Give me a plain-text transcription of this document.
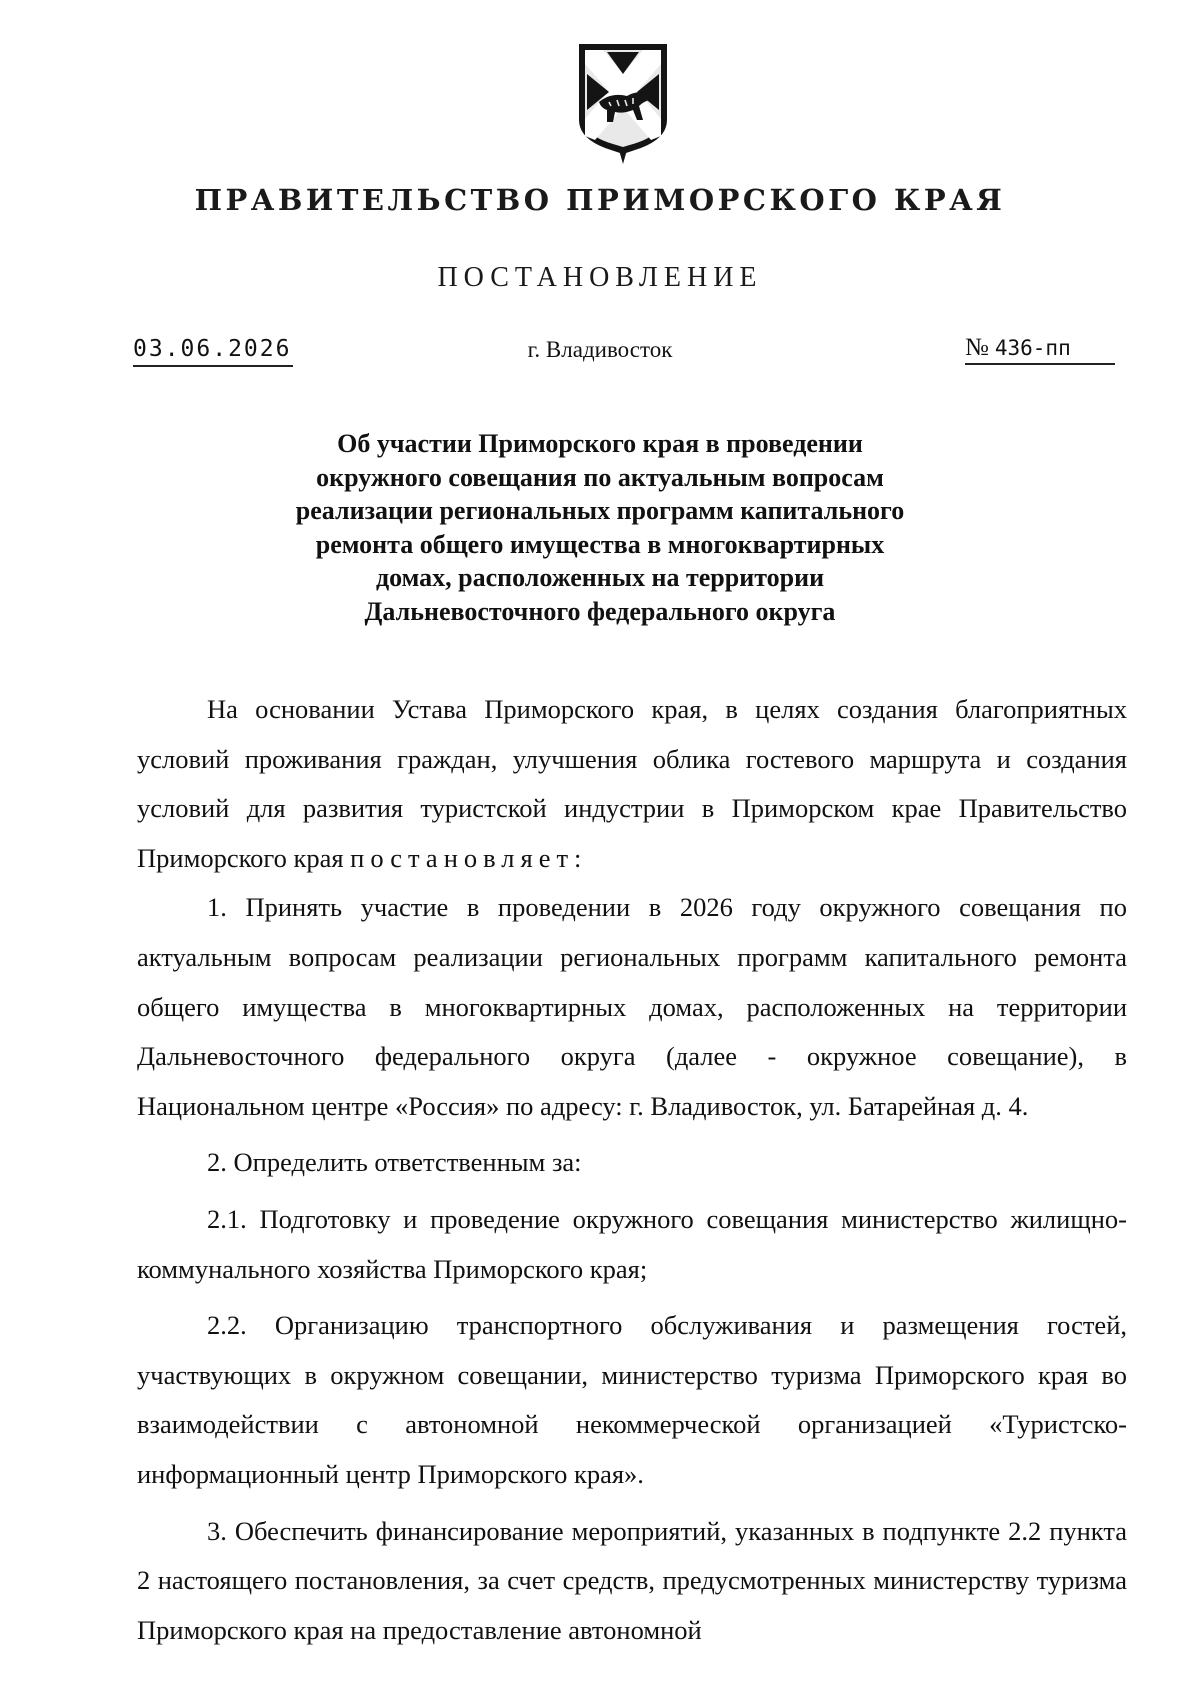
ПРАВИТЕЛЬСТВО ПРИМОРСКОГО КРАЯ
ПОСТАНОВЛЕНИЕ
03.06.2026	г. Владивосток	№ 436-пп
Об участии Приморского края в проведении
окружного совещания по актуальным вопросам
реализации региональных программ капитального
ремонта общего имущества в многоквартирных
домах, расположенных на территории
Дальневосточного федерального округа

На основании Устава Приморского края, в целях создания благоприятных условий проживания граждан, улучшения облика гостевого маршрута и создания условий для развития туристской индустрии в Приморском крае Правительство Приморского края постановляет:

1. Принять участие в проведении в 2026 году окружного совещания по актуальным вопросам реализации региональных программ капитального ремонта общего имущества в многоквартирных домах, расположенных на территории Дальневосточного федерального округа (далее - окружное совещание), в Национальном центре «Россия» по адресу: г. Владивосток, ул. Батарейная д. 4.

2. Определить ответственным за:

2.1. Подготовку и проведение окружного совещания министерство жилищно-коммунального хозяйства Приморского края;

2.2. Организацию транспортного обслуживания и размещения гостей, участвующих в окружном совещании, министерство туризма Приморского края во взаимодействии с автономной некоммерческой организацией «Туристско-информационный центр Приморского края».

3. Обеспечить финансирование мероприятий, указанных в подпункте 2.2 пункта 2 настоящего постановления, за счет средств, предусмотренных министерству туризма Приморского края на предоставление автономной
